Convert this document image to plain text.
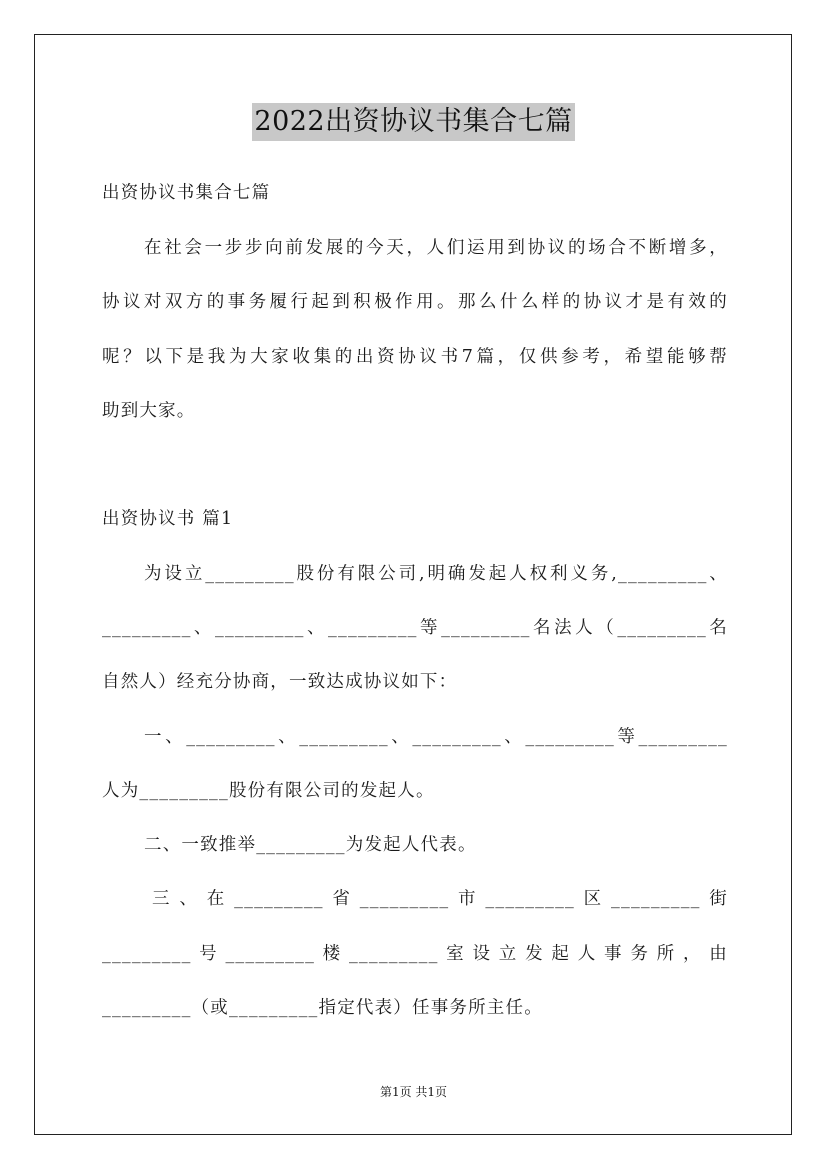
2022出资协议书集合七篇
出资协议书集合七篇
在社会一步步向前发展的今天，人们运用到协议的场合不断增多，
协议对双方的事务履行起到积极作用。那么什么样的协议才是有效的
呢？以下是我为大家收集的出资协议书7篇，仅供参考，希望能够帮
助到大家。
出资协议书 篇1
为设立_________股份有限公司,明确发起人权利义务,_________、
_________、_________、_________等_________名法人（_________名
自然人）经充分协商，一致达成协议如下：
一、_________、_________、_________、_________等_________
人为_________股份有限公司的发起人。
二、一致推举_________为发起人代表。
三、在_________省_________市_________区_________街
_________号_________楼_________室设立发起人事务所，由
_________（或_________指定代表）任事务所主任。
第1页 共1页
